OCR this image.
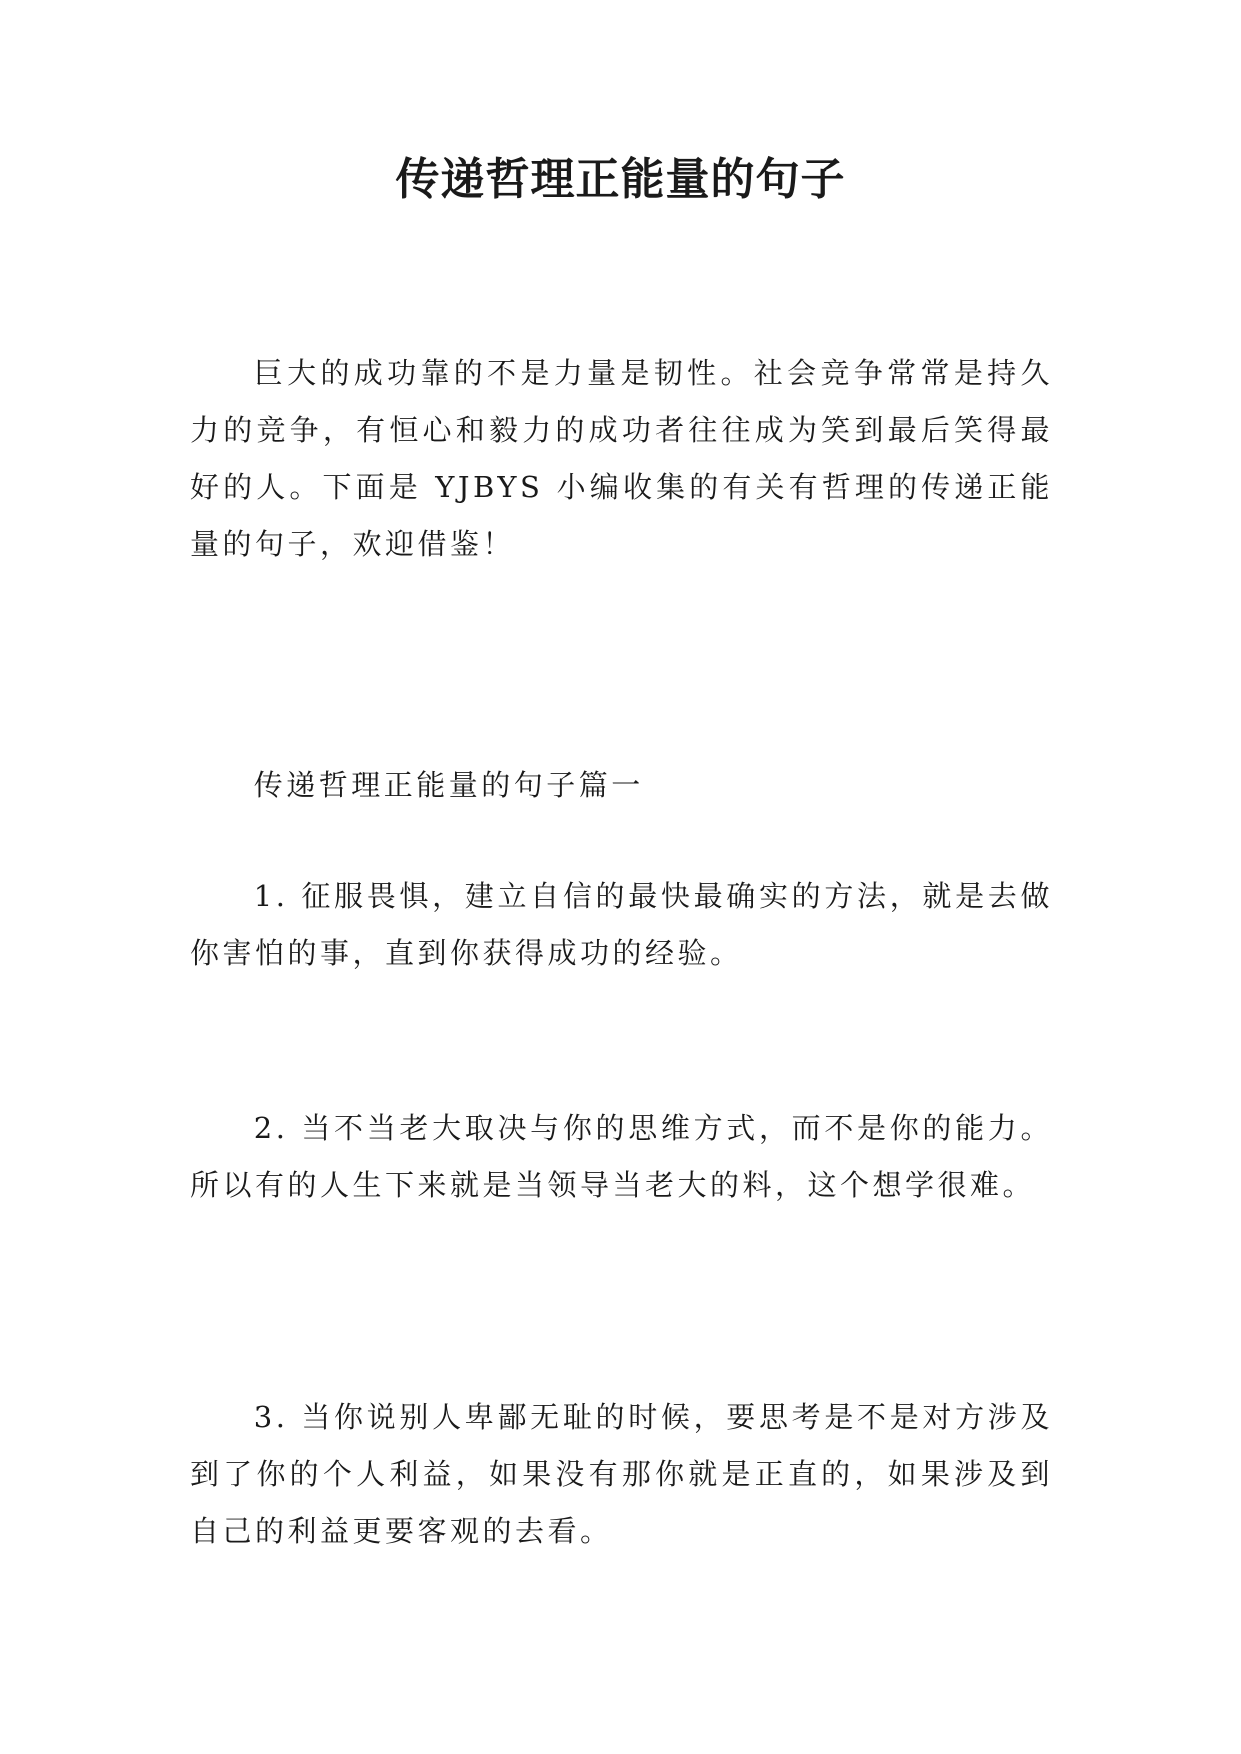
传递哲理正能量的句子

巨大的成功靠的不是力量是韧性。社会竞争常常是持久力的竞争，有恒心和毅力的成功者往往成为笑到最后笑得最好的人。下面是 YJBYS 小编收集的有关有哲理的传递正能量的句子，欢迎借鉴！

传递哲理正能量的句子篇一

1. 征服畏惧，建立自信的最快最确实的方法，就是去做你害怕的事，直到你获得成功的经验。

2. 当不当老大取决与你的思维方式，而不是你的能力。所以有的人生下来就是当领导当老大的料，这个想学很难。

3. 当你说别人卑鄙无耻的时候，要思考是不是对方涉及到了你的个人利益，如果没有那你就是正直的，如果涉及到自己的利益更要客观的去看。
